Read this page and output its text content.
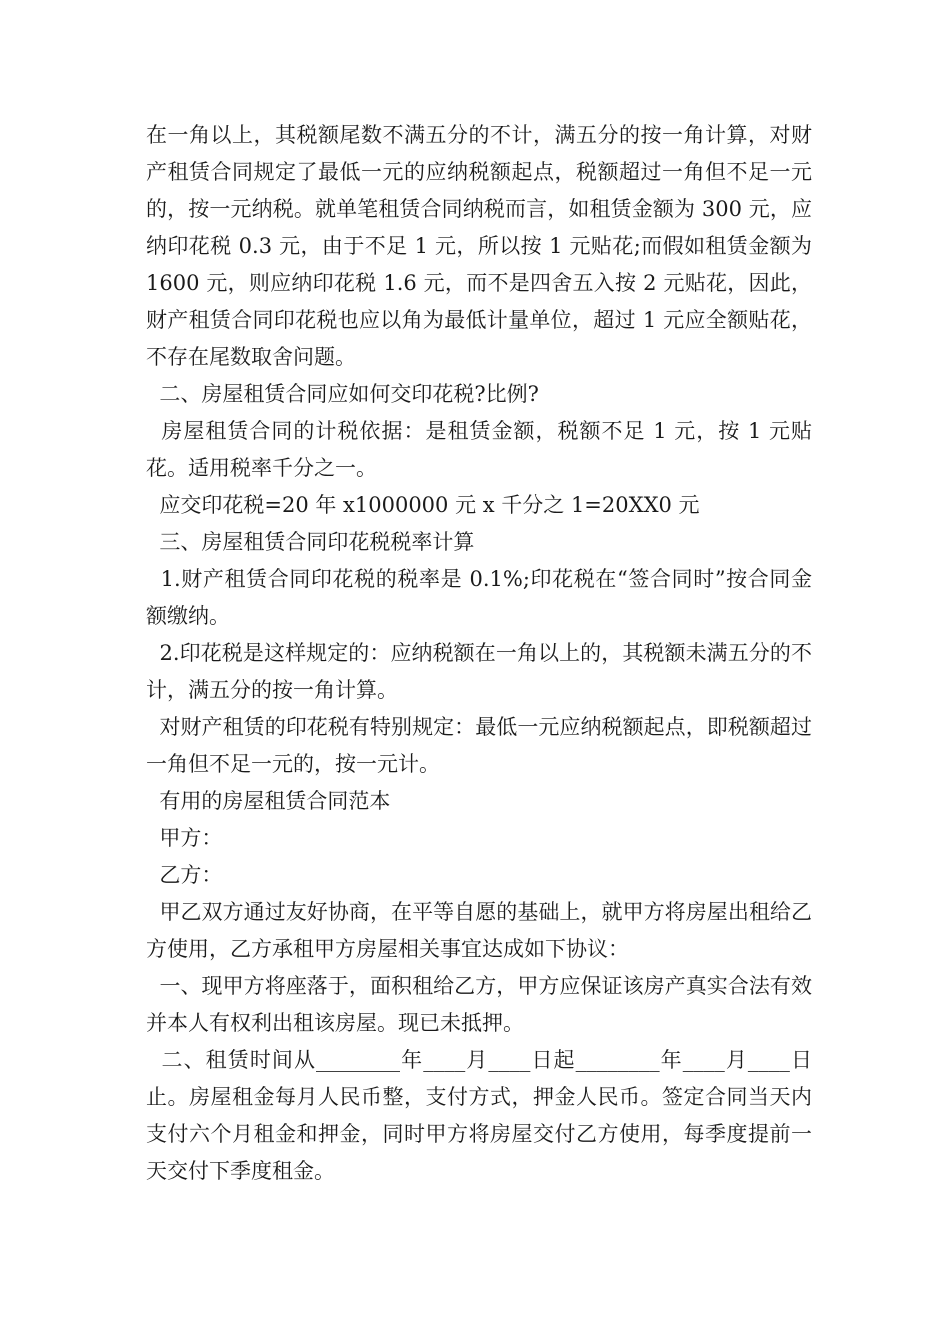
在一角以上，其税额尾数不满五分的不计，满五分的按一角计算，对财产租赁合同规定了最低一元的应纳税额起点，税额超过一角但不足一元的，按一元纳税。就单笔租赁合同纳税而言，如租赁金额为 300 元，应纳印花税 0.3 元，由于不足 1 元，所以按 1 元贴花;而假如租赁金额为 1600 元，则应纳印花税 1.6 元，而不是四舍五入按 2 元贴花，因此，财产租赁合同印花税也应以角为最低计量单位，超过 1 元应全额贴花，不存在尾数取舍问题。

二、房屋租赁合同应如何交印花税?比例?

房屋租赁合同的计税依据：是租赁金额，税额不足 1 元，按 1 元贴花。适用税率千分之一。

应交印花税=20 年 x1000000 元 x 千分之 1=20XX0 元

三、房屋租赁合同印花税税率计算

1.财产租赁合同印花税的税率是 0.1%;印花税在“签合同时”按合同金额缴纳。

2.印花税是这样规定的：应纳税额在一角以上的，其税额未满五分的不计，满五分的按一角计算。

对财产租赁的印花税有特别规定：最低一元应纳税额起点，即税额超过一角但不足一元的，按一元计。

有用的房屋租赁合同范本

甲方：

乙方：

甲乙双方通过友好协商，在平等自愿的基础上，就甲方将房屋出租给乙方使用，乙方承租甲方房屋相关事宜达成如下协议：

一、现甲方将座落于，面积租给乙方，甲方应保证该房产真实合法有效并本人有权利出租该房屋。现已未抵押。

二、租赁时间从________年____月____日起________年____月____日止。房屋租金每月人民币整，支付方式，押金人民币。签定合同当天内支付六个月租金和押金，同时甲方将房屋交付乙方使用，每季度提前一天交付下季度租金。
